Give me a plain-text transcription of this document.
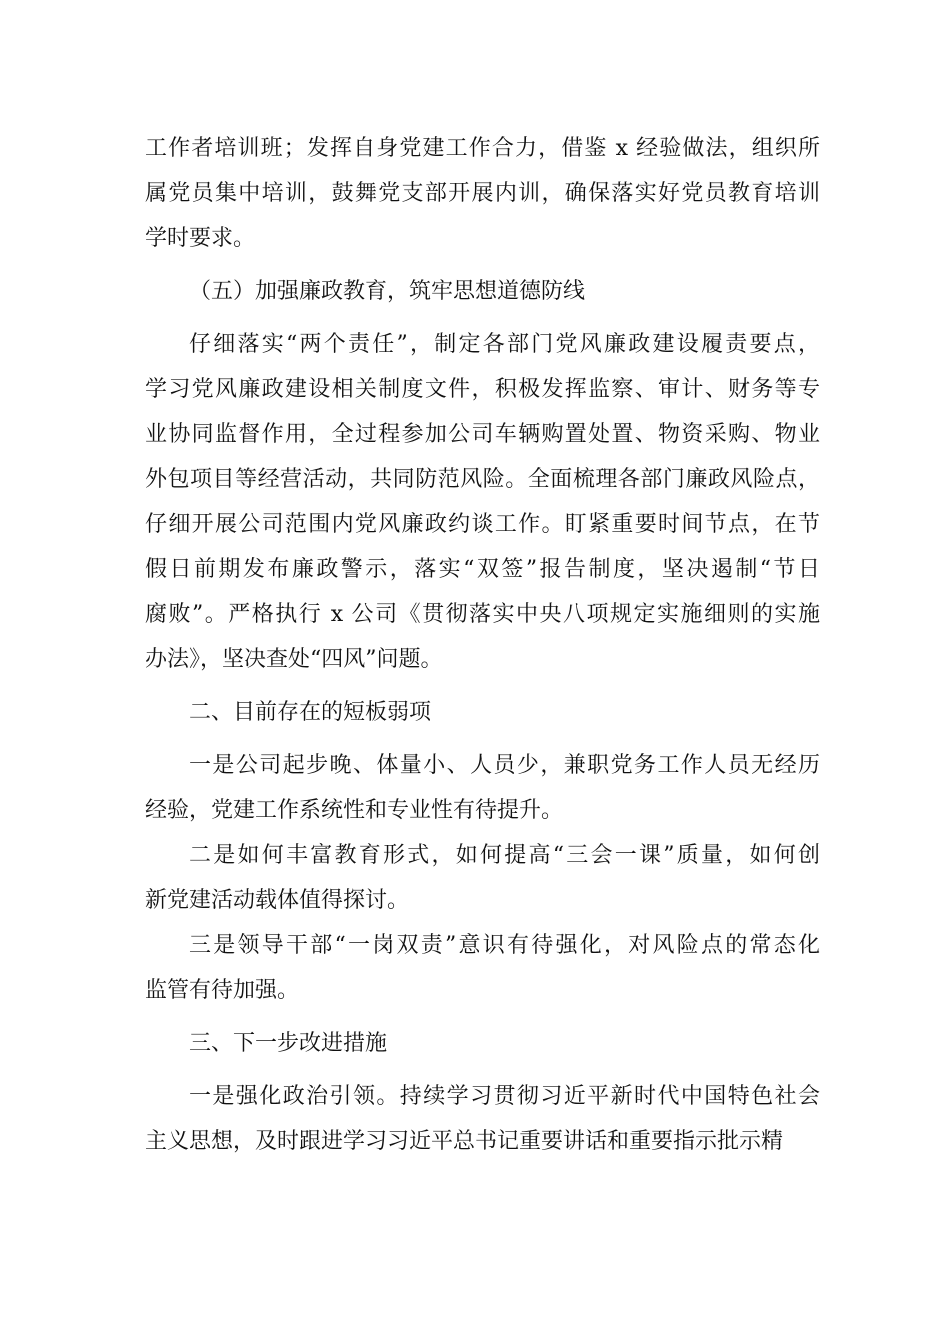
工作者培训班；发挥自身党建工作合力，借鉴 x 经验做法，组织所
属党员集中培训，鼓舞党支部开展内训，确保落实好党员教育培训
学时要求。
（五）加强廉政教育，筑牢思想道德防线
仔细落实“两个责任”，制定各部门党风廉政建设履责要点，
学习党风廉政建设相关制度文件，积极发挥监察、审计、财务等专
业协同监督作用，全过程参加公司车辆购置处置、物资采购、物业
外包项目等经营活动，共同防范风险。全面梳理各部门廉政风险点，
仔细开展公司范围内党风廉政约谈工作。盯紧重要时间节点，在节
假日前期发布廉政警示，落实“双签”报告制度，坚决遏制“节日
腐败”。严格执行 x 公司《贯彻落实中央八项规定实施细则的实施
办法》，坚决查处“四风”问题。
二、目前存在的短板弱项
一是公司起步晚、体量小、人员少，兼职党务工作人员无经历
经验，党建工作系统性和专业性有待提升。
二是如何丰富教育形式，如何提高“三会一课”质量，如何创
新党建活动载体值得探讨。
三是领导干部“一岗双责”意识有待强化，对风险点的常态化
监管有待加强。
三、下一步改进措施
一是强化政治引领。持续学习贯彻习近平新时代中国特色社会
主义思想，及时跟进学习习近平总书记重要讲话和重要指示批示精
